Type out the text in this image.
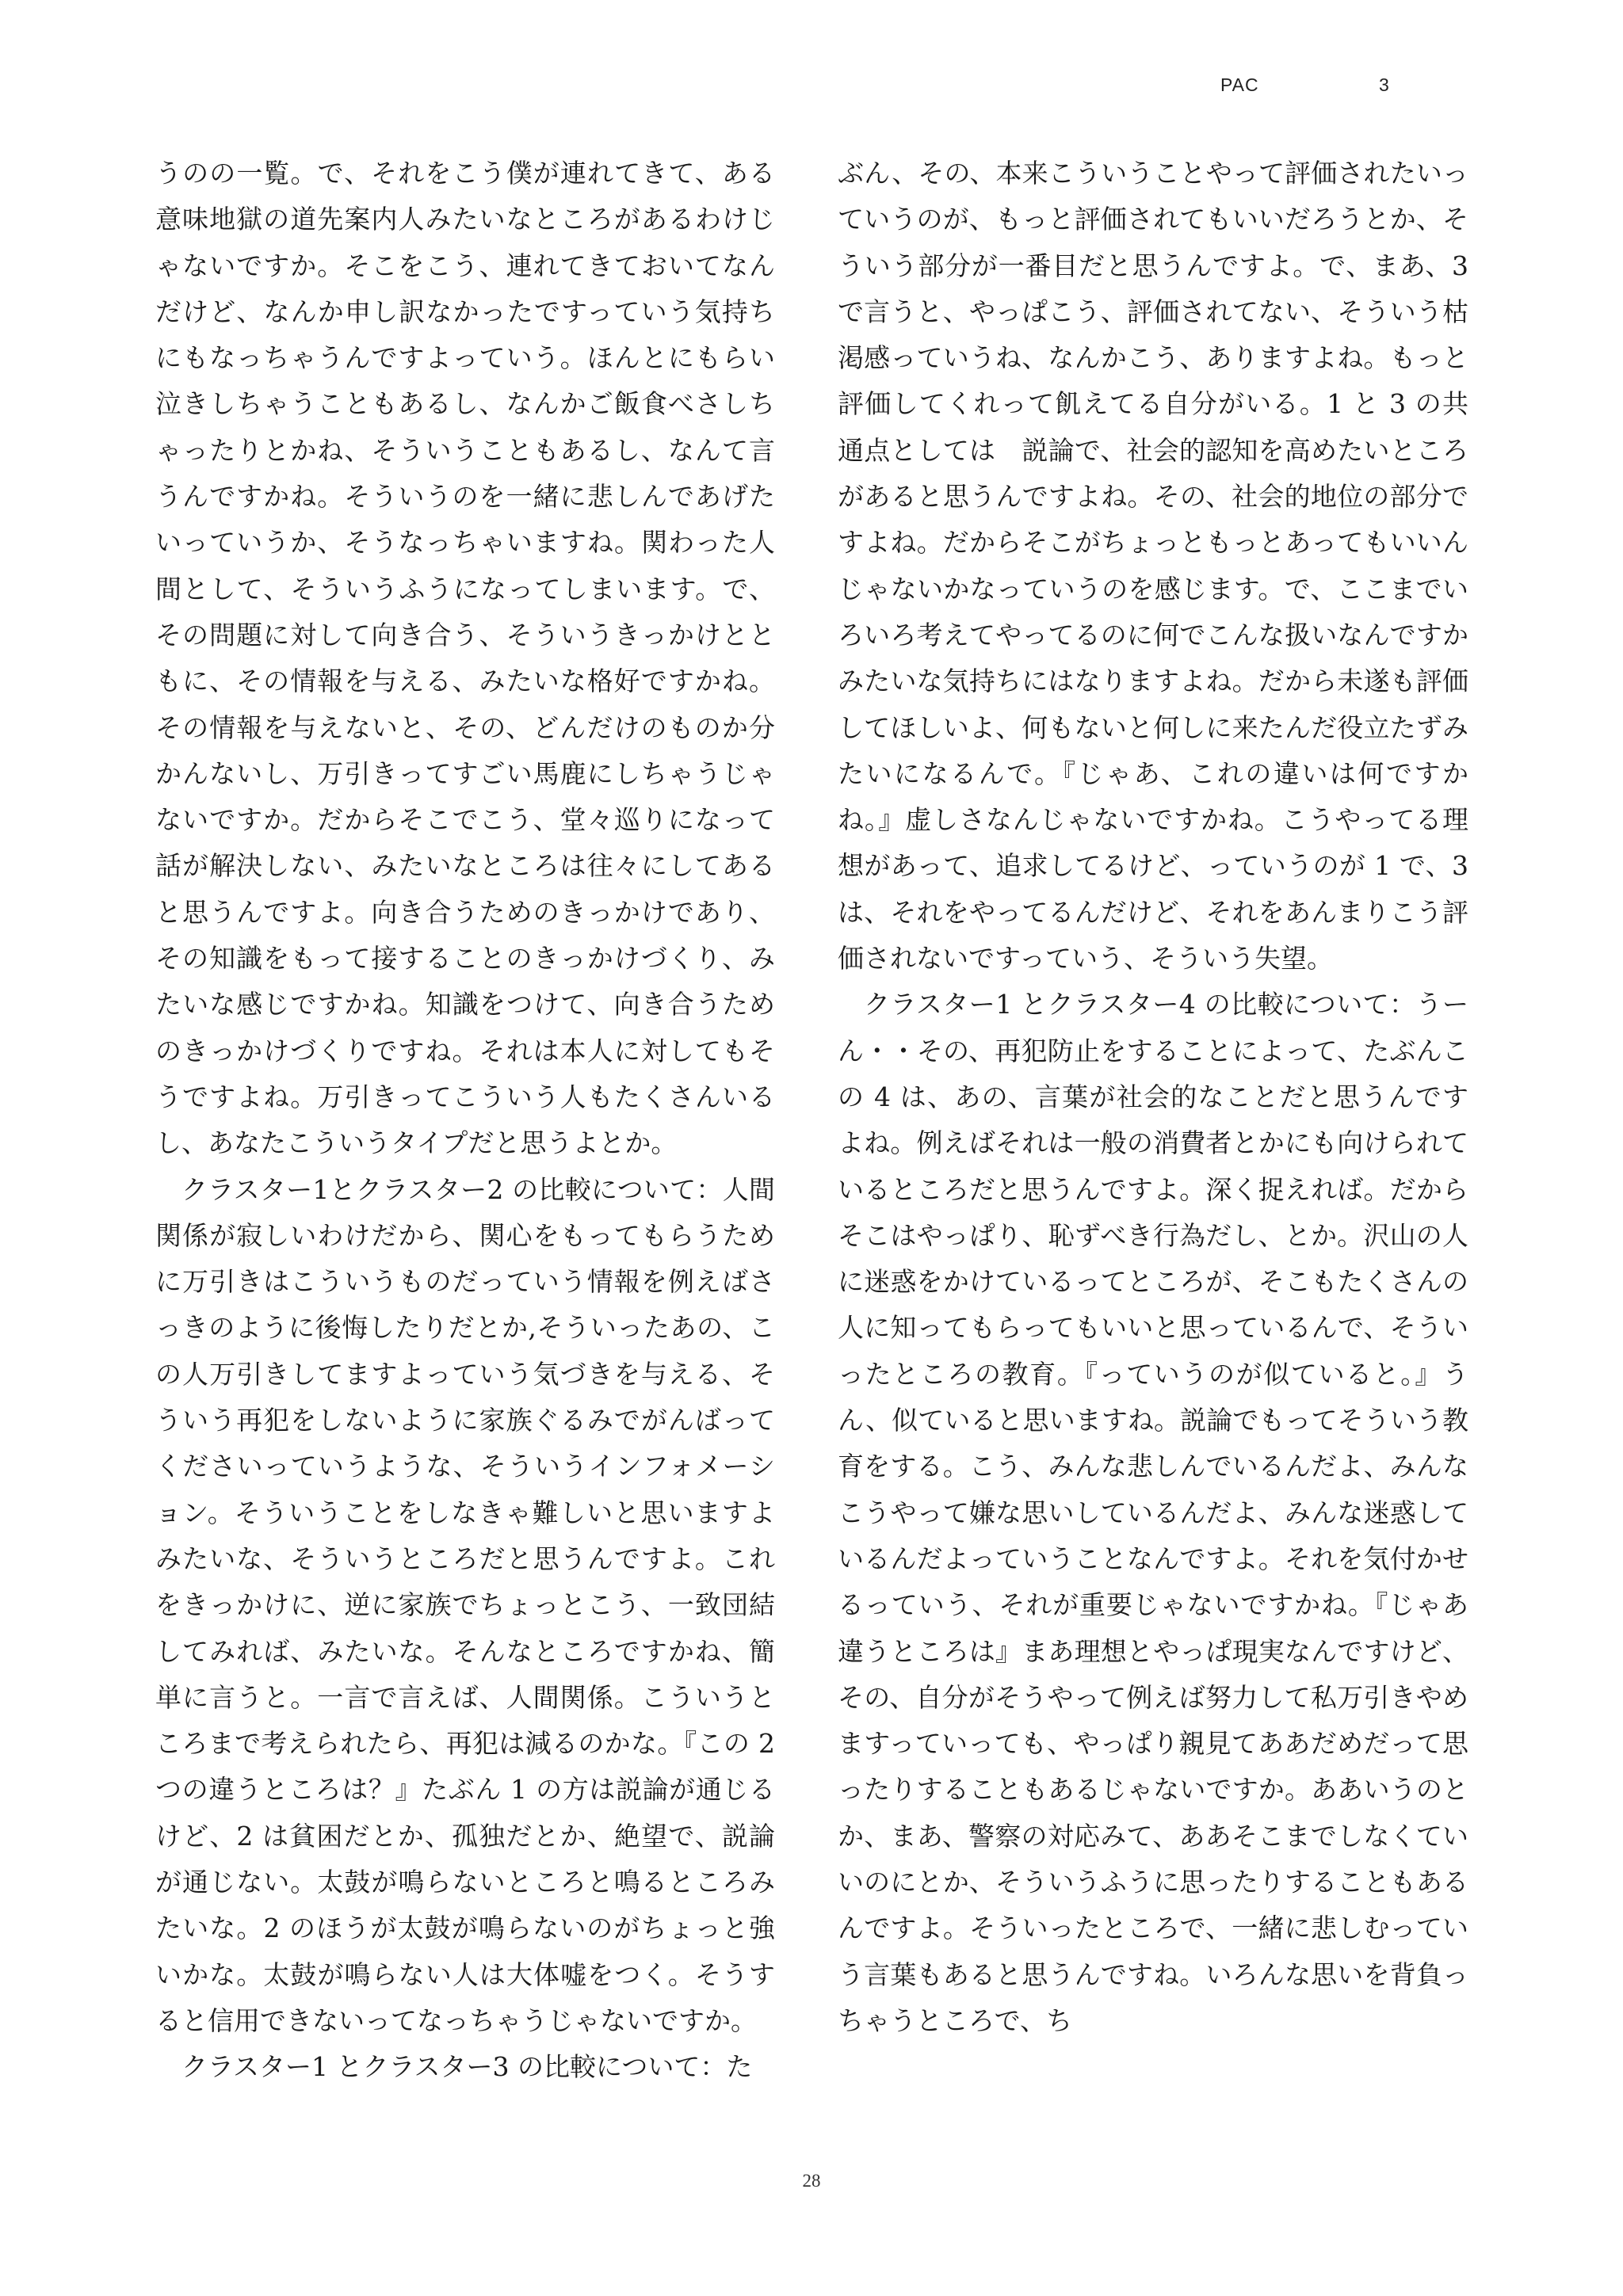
PAC	3

うのの一覧。で、それをこう僕が連れてきて、ある意味地獄の道先案内人みたいなところがあるわけじゃないですか。そこをこう、連れてきておいてなんだけど、なんか申し訳なかったですっていう気持ちにもなっちゃうんですよっていう。ほんとにもらい泣きしちゃうこともあるし、なんかご飯食べさしちゃったりとかね、そういうこともあるし、なんて言うんですかね。そういうのを一緒に悲しんであげたいっていうか、そうなっちゃいますね。関わった人間として、そういうふうになってしまいます。で、その問題に対して向き合う、そういうきっかけとともに、その情報を与える、みたいな格好ですかね。その情報を与えないと、その、どんだけのものか分かんないし、万引きってすごい馬鹿にしちゃうじゃないですか。だからそこでこう、堂々巡りになって話が解決しない、みたいなところは往々にしてあると思うんですよ。向き合うためのきっかけであり、その知識をもって接することのきっかけづくり、みたいな感じですかね。知識をつけて、向き合うためのきっかけづくりですね。それは本人に対してもそうですよね。万引きってこういう人もたくさんいるし、あなたこういうタイプだと思うよとか。

クラスター1とクラスター2 の比較について：人間関係が寂しいわけだから、関心をもってもらうために万引きはこういうものだっていう情報を例えばさっきのように後悔したりだとか,そういったあの、この人万引きしてますよっていう気づきを与える、そういう再犯をしないように家族ぐるみでがんばってくださいっていうような、そういうインフォメーション。そういうことをしなきゃ難しいと思いますよみたいな、そういうところだと思うんですよ。これをきっかけに、逆に家族でちょっとこう、一致団結してみれば、みたいな。そんなところですかね、簡単に言うと。一言で言えば、人間関係。こういうところまで考えられたら、再犯は減るのかな。『この 2 つの違うところは？』たぶん 1 の方は説論が通じるけど、2 は貧困だとか、孤独だとか、絶望で、説論が通じない。太鼓が鳴らないところと鳴るところみたいな。2 のほうが太鼓が鳴らないのがちょっと強いかな。太鼓が鳴らない人は大体嘘をつく。そうすると信用できないってなっちゃうじゃないですか。

クラスター1 とクラスター3 の比較について：た

ぶん、その、本来こういうことやって評価されたいっていうのが、もっと評価されてもいいだろうとか、そういう部分が一番目だと思うんですよ。で、まあ、3 で言うと、やっぱこう、評価されてない、そういう枯渇感っていうね、なんかこう、ありますよね。もっと評価してくれって飢えてる自分がいる。1 と 3 の共通点としては　説論で、社会的認知を高めたいところがあると思うんですよね。その、社会的地位の部分ですよね。だからそこがちょっともっとあってもいいんじゃないかなっていうのを感じます。で、ここまでいろいろ考えてやってるのに何でこんな扱いなんですかみたいな気持ちにはなりますよね。だから未遂も評価してほしいよ、何もないと何しに来たんだ役立たずみたいになるんで。『じゃあ、これの違いは何ですかね。』虚しさなんじゃないですかね。こうやってる理想があって、追求してるけど、っていうのが 1 で、3 は、それをやってるんだけど、それをあんまりこう評価されないですっていう、そういう失望。

クラスター1 とクラスター4 の比較について：うーん・・その、再犯防止をすることによって、たぶんこの 4 は、あの、言葉が社会的なことだと思うんですよね。例えばそれは一般の消費者とかにも向けられているところだと思うんですよ。深く捉えれば。だからそこはやっぱり、恥ずべき行為だし、とか。沢山の人に迷惑をかけているってところが、そこもたくさんの人に知ってもらってもいいと思っているんで、そういったところの教育。『っていうのが似ていると。』うん、似ていると思いますね。説論でもってそういう教育をする。こう、みんな悲しんでいるんだよ、みんなこうやって嫌な思いしているんだよ、みんな迷惑しているんだよっていうことなんですよ。それを気付かせるっていう、それが重要じゃないですかね。『じゃあ違うところは』まあ理想とやっぱ現実なんですけど、その、自分がそうやって例えば努力して私万引きやめますっていっても、やっぱり親見てああだめだって思ったりすることもあるじゃないですか。ああいうのとか、まあ、警察の対応みて、ああそこまでしなくていいのにとか、そういうふうに思ったりすることもあるんですよ。そういったところで、一緒に悲しむっていう言葉もあると思うんですね。いろんな思いを背負っちゃうところで、ち

28
